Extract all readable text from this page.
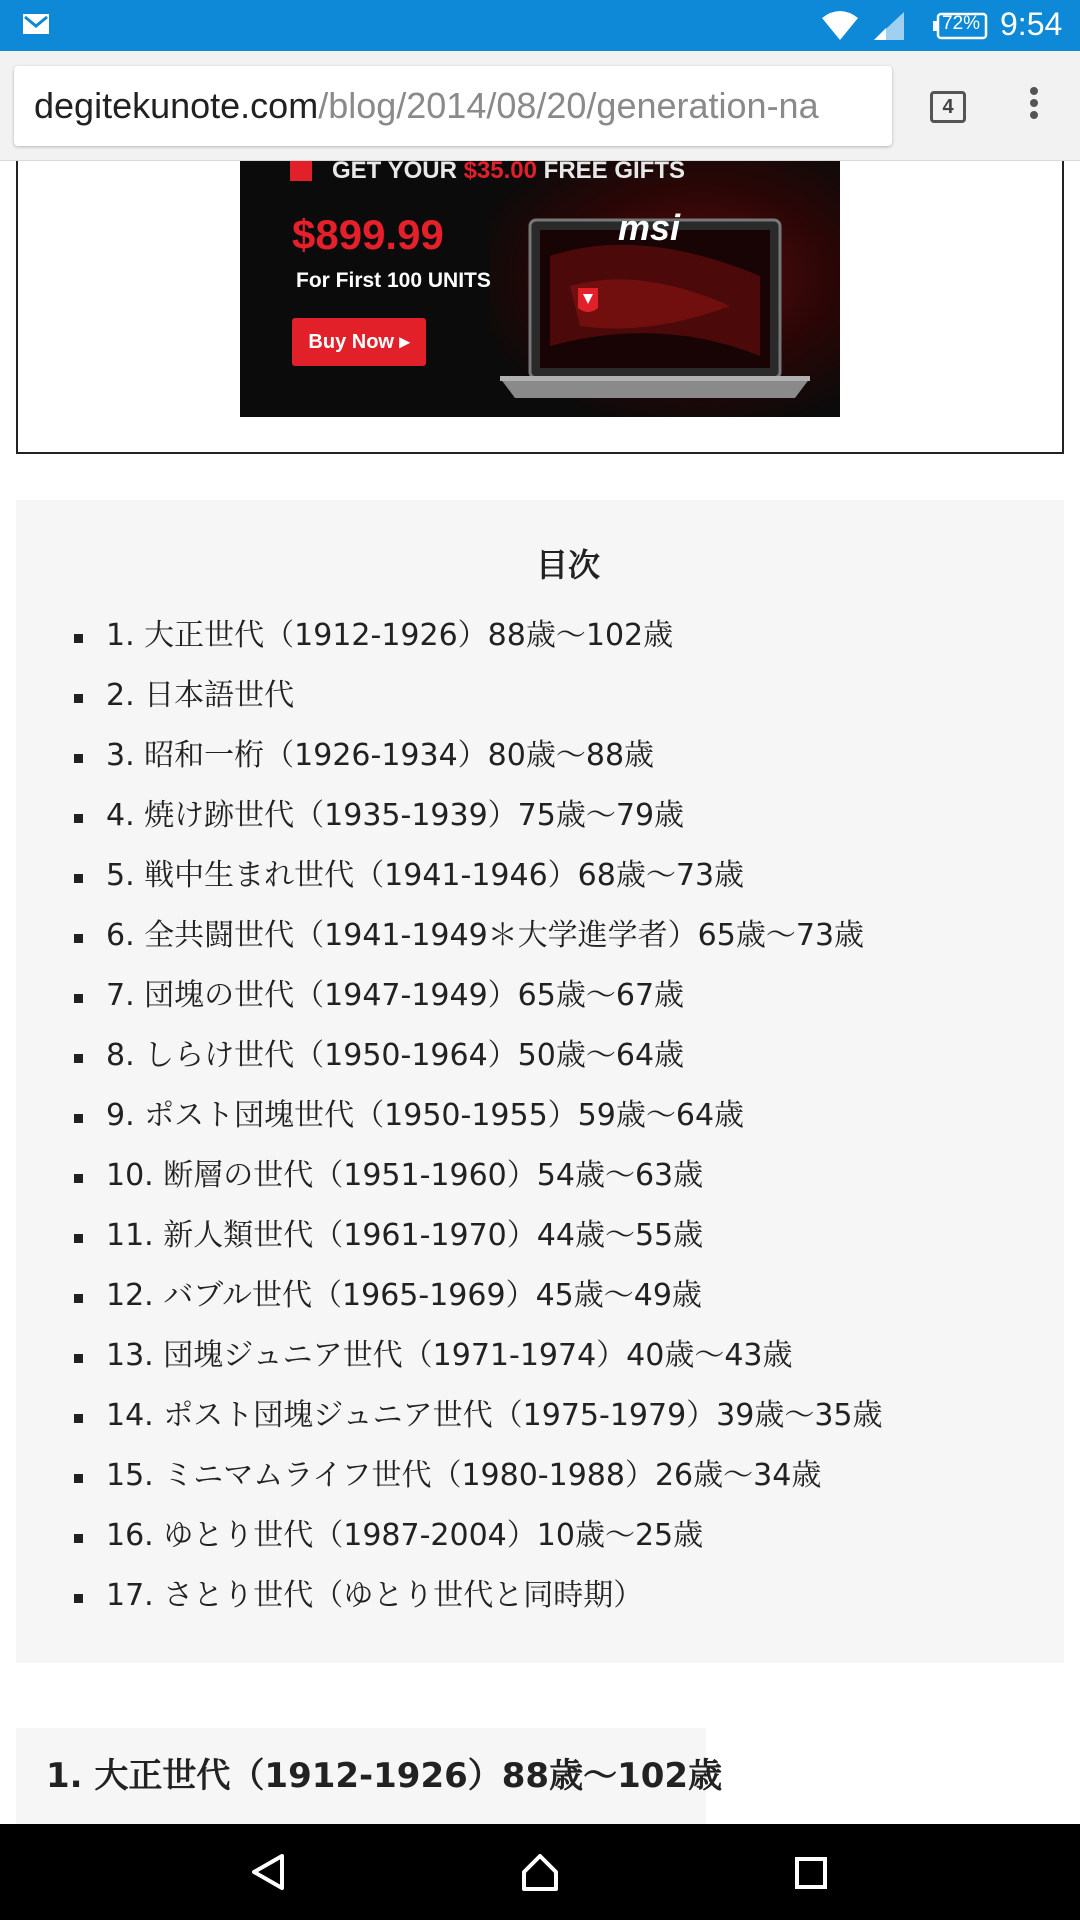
72% 9:54
degitekunote.com/blog/2014/08/20/generation-na	4
GET YOUR $35.00 FREE GIFTS
$899.99
For First 100 UNITS
Buy Now ▸
msi
目次
1. 大正世代（1912-1926）88歳〜102歳
2. 日本語世代
3. 昭和一桁（1926-1934）80歳〜88歳
4. 焼け跡世代（1935-1939）75歳〜79歳
5. 戦中生まれ世代（1941-1946）68歳〜73歳
6. 全共闘世代（1941-1949＊大学進学者）65歳〜73歳
7. 団塊の世代（1947-1949）65歳〜67歳
8. しらけ世代（1950-1964）50歳〜64歳
9. ポスト団塊世代（1950-1955）59歳〜64歳
10. 断層の世代（1951-1960）54歳〜63歳
11. 新人類世代（1961-1970）44歳〜55歳
12. バブル世代（1965-1969）45歳〜49歳
13. 団塊ジュニア世代（1971-1974）40歳〜43歳
14. ポスト団塊ジュニア世代（1975-1979）39歳〜35歳
15. ミニマムライフ世代（1980-1988）26歳〜34歳
16. ゆとり世代（1987-2004）10歳〜25歳
17. さとり世代（ゆとり世代と同時期）
1. 大正世代（1912-1926）88歳〜102歳
